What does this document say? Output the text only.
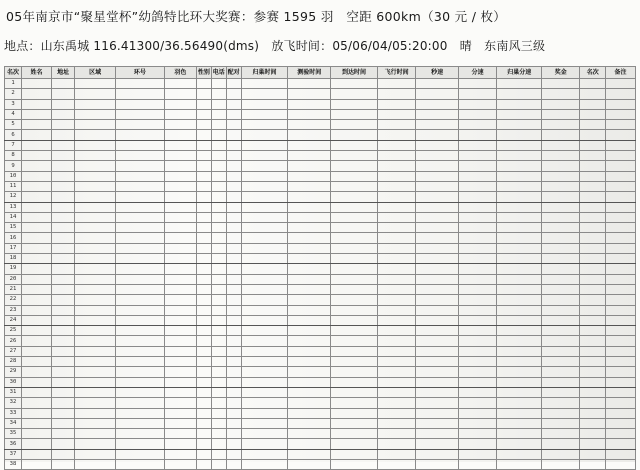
05年南京市“聚星堂杯”幼鸽特比环大奖赛：参赛 1595 羽　空距 600km（30 元 / 枚）
地点：山东禹城 116.41300/36.56490(dms)　放飞时间：05/06/04/05:20:00　晴　东南风三级
名次	姓名	地址	区域	环号	羽色	性别	电话	配对	归巢时间	测验时间	到达时间	飞行时间	秒速	分速	归巢分速	奖金	名次	备注
1																		
2																		
3																		
4																		
5																		
6																		
7																		
8																		
9																		
10																		
11																		
12																		
13																		
14																		
15																		
16																		
17																		
18																		
19																		
20																		
21																		
22																		
23																		
24																		
25																		
26																		
27																		
28																		
29																		
30																		
31																		
32																		
33																		
34																		
35																		
36																		
37																		
38																		
